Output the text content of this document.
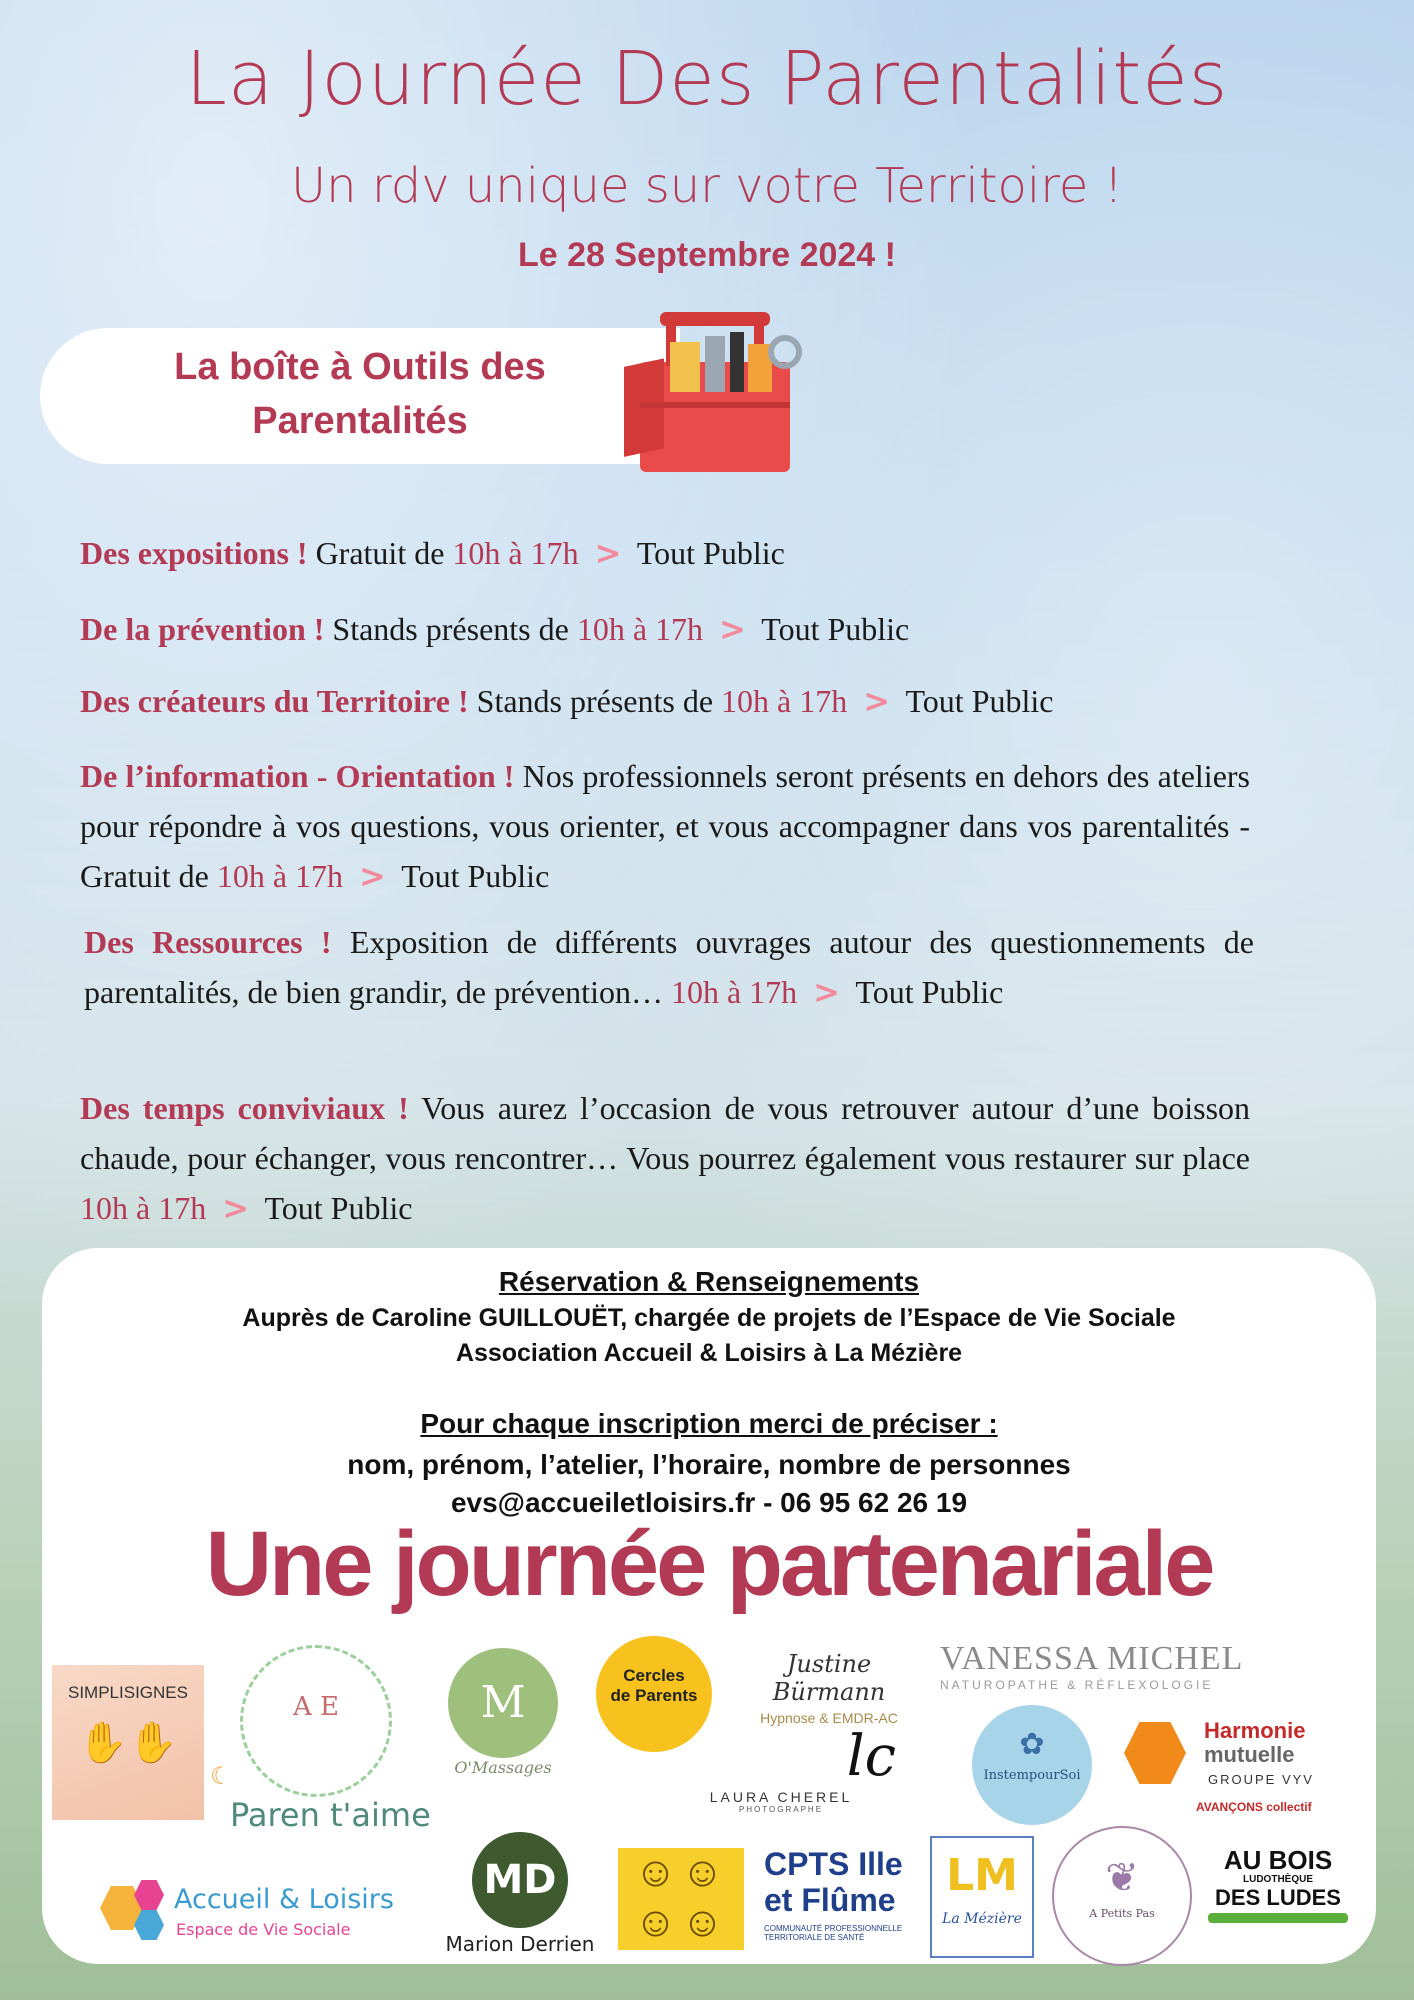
La Journée Des Parentalités
Un rdv unique sur votre Territoire !
Le 28 Septembre 2024 !
La boîte à Outils des
Parentalités
Des expositions ! Gratuit de 10h à 17h > Tout Public
De la prévention ! Stands présents de 10h à 17h > Tout Public
Des créateurs du Territoire ! Stands présents de 10h à 17h > Tout Public
De l’information - Orientation ! Nos professionnels seront présents en dehors des ateliers pour répondre à vos questions, vous orienter, et vous accompagner dans vos parentalités - Gratuit de 10h à 17h > Tout Public
Des Ressources ! Exposition de différents ouvrages autour des questionnements de parentalités, de bien grandir, de prévention… 10h à 17h > Tout Public
Des temps conviviaux ! Vous aurez l’occasion de vous retrouver autour d’une boisson chaude, pour échanger, vous rencontrer… Vous pourrez également vous restaurer sur place 10h à 17h > Tout Public
Réservation & Renseignements
Auprès de Caroline GUILLOUËT, chargée de projets de l’Espace de Vie Sociale
Association Accueil & Loisirs à La Mézière
Pour chaque inscription merci de préciser :
nom, prénom, l’atelier, l’horaire, nombre de personnes
evs@accueiletloisirs.fr - 06 95 62 26 19
Une journée partenariale
SIMPLISIGNES
✋✋
A E	M
O'Massages
Cercles
de Parents
Justine Bürmann
Hypnose & EMDR-AC
VANESSA MICHEL
NATUROPATHE & RÉFLEXOLOGIE
lc
LAURA CHEREL
PHOTOGRAPHE
✿
InstempourSoi
Harmonie
mutuelle
GROUPE VYV
AVANÇONS collectif
☾
Paren t'aime
Accueil & Loisirs
Espace de Vie Sociale
MD
Marion Derrien
☺☺
☺☺
CPTS Ille
et Flûme
COMMUNAUTÉ PROFESSIONNELLE
TERRITORIALE DE SANTÉ
LM
La Mézière
❦
A Petits Pas
AU BOIS
LUDOTHÈQUE
DES LUDES
